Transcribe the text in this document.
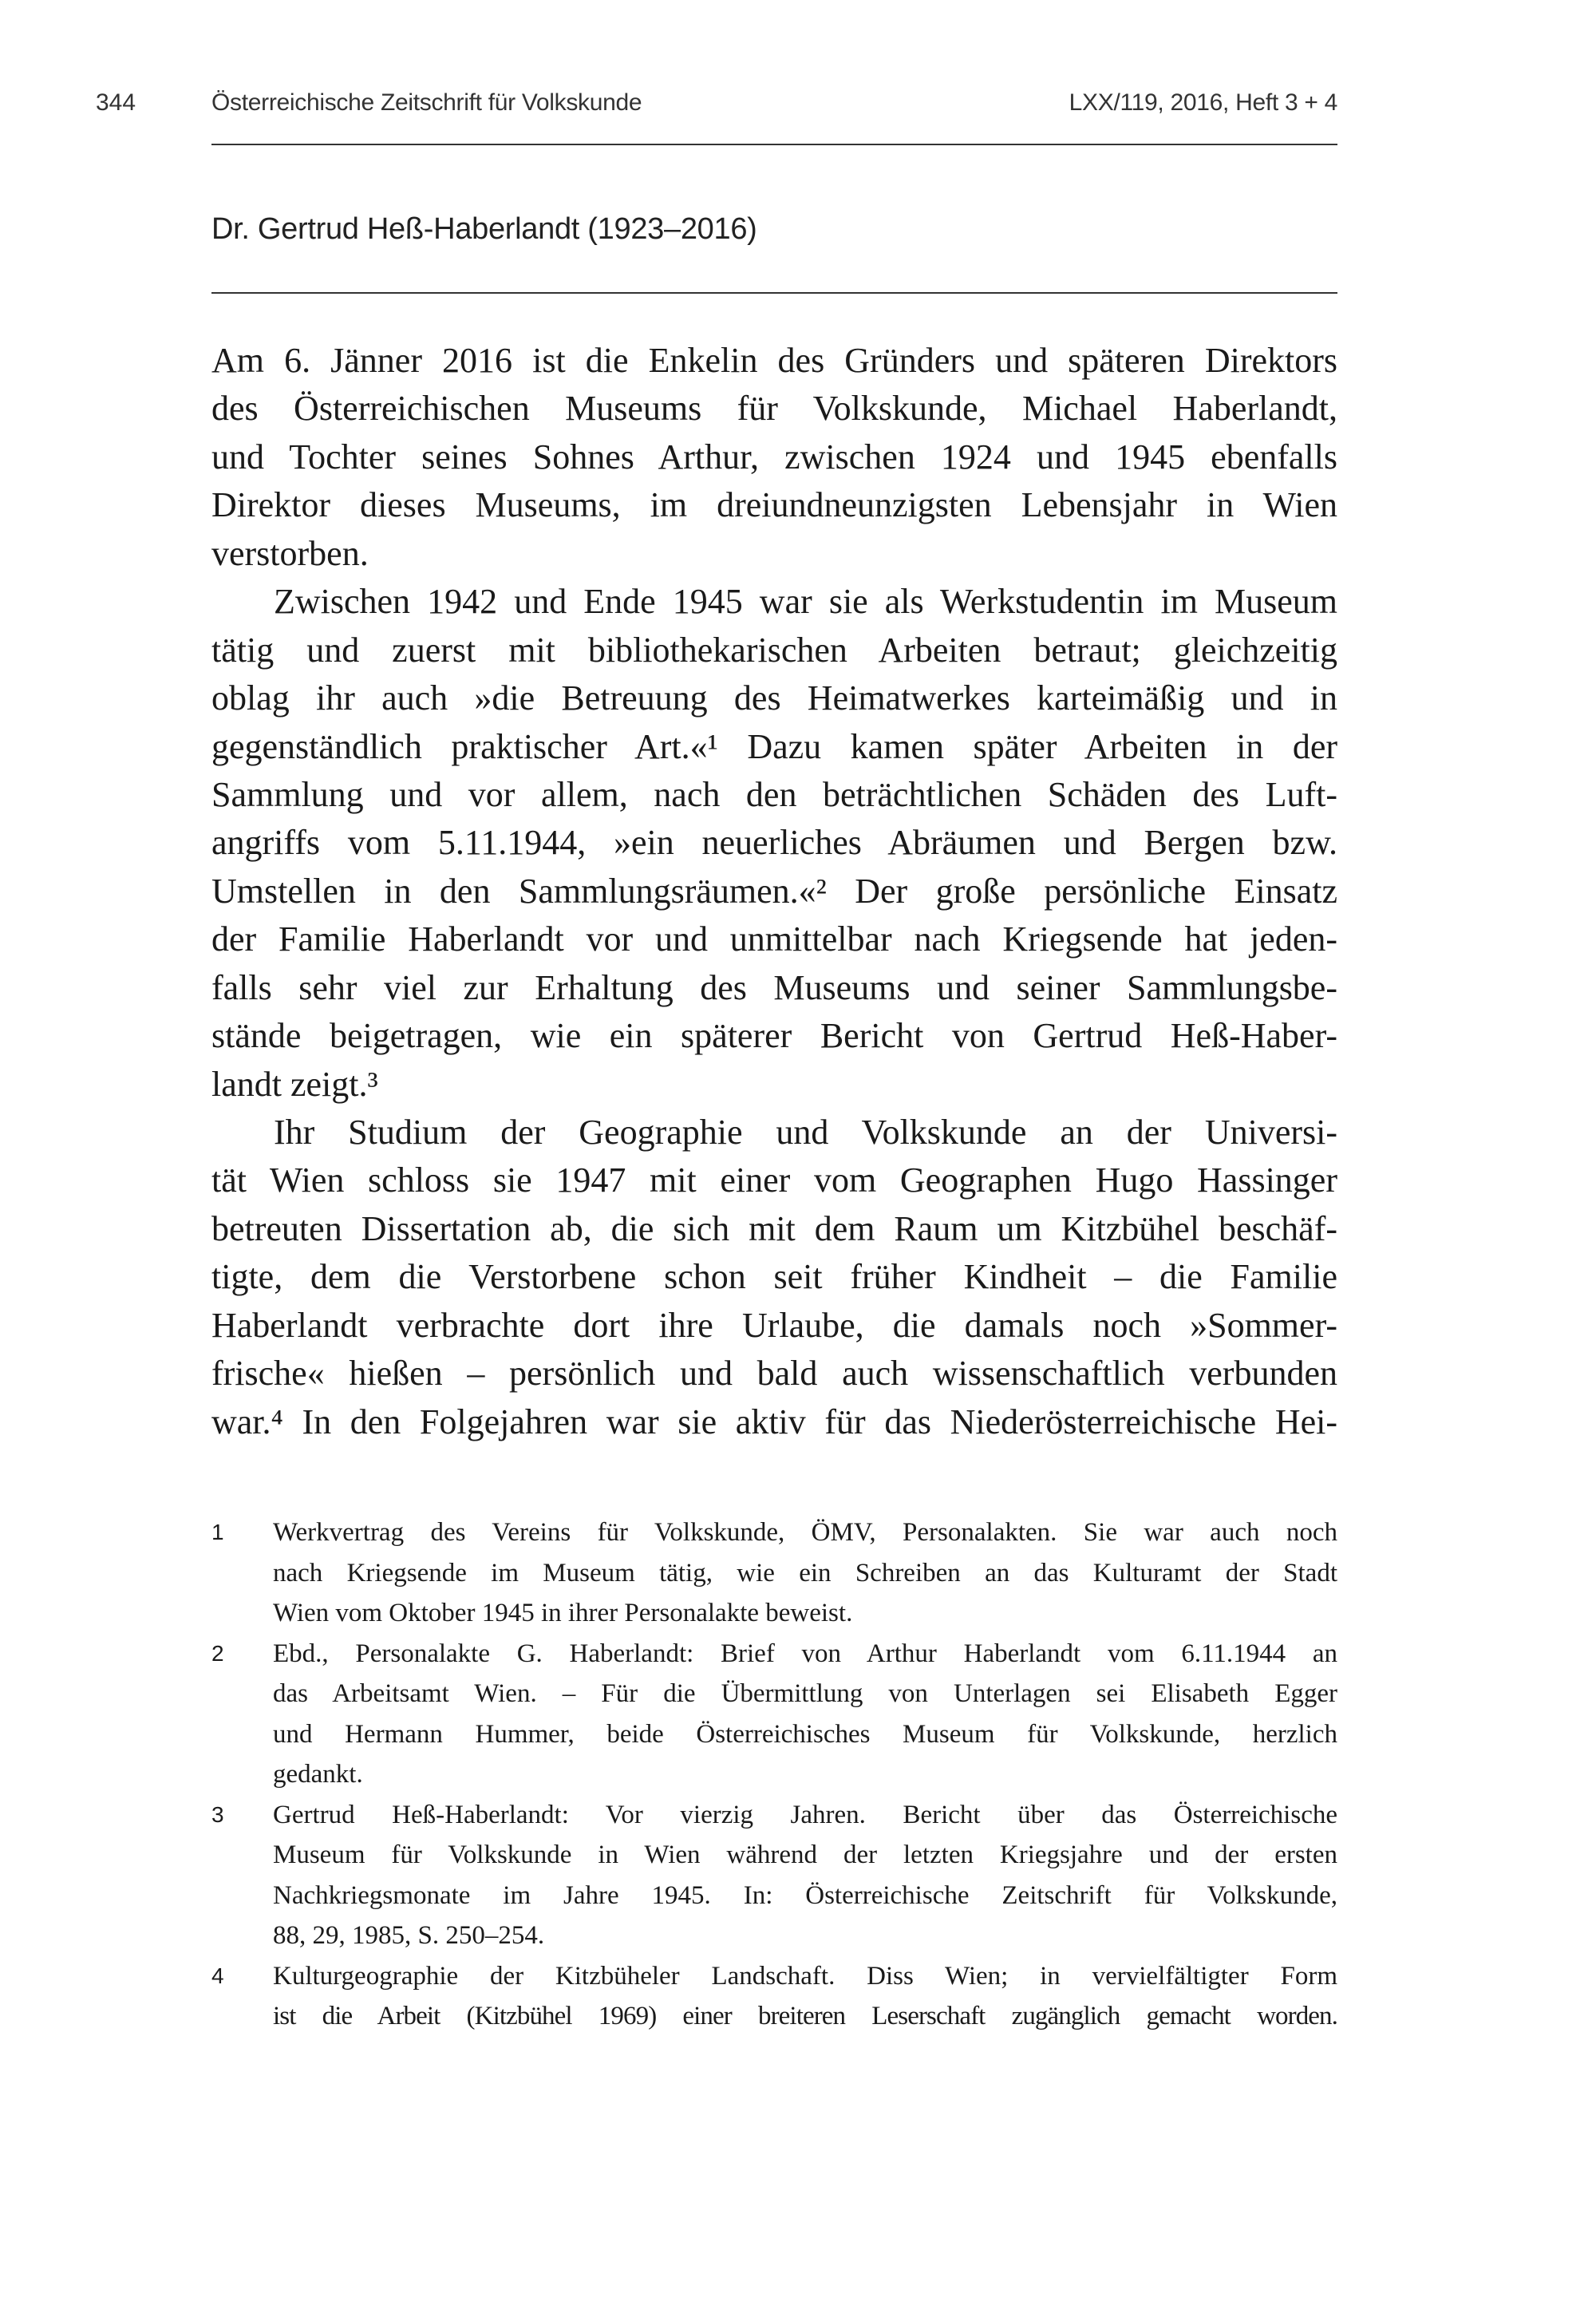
344	Österreichische Zeitschrift für Volkskunde	LXX/119, 2016, Heft 3 + 4
Dr. Gertrud Heß-Haberlandt (1923–2016)
Am 6. Jänner 2016 ist die Enkelin des Gründers und späteren Direktors
des Österreichischen Museums für Volkskunde, Michael Haberlandt,
und Tochter seines Sohnes Arthur, zwischen 1924 und 1945 ebenfalls
Direktor dieses Museums, im dreiundneunzigsten Lebensjahr in Wien
verstorben.
Zwischen 1942 und Ende 1945 war sie als Werkstudentin im Museum
tätig und zuerst mit bibliothekarischen Arbeiten betraut; gleichzeitig
oblag ihr auch »die Betreuung des Heimatwerkes karteimäßig und in
gegenständlich praktischer Art.«¹ Dazu kamen später Arbeiten in der
Sammlung und vor allem, nach den beträchtlichen Schäden des Luft-
angriffs vom 5.11.1944, »ein neuerliches Abräumen und Bergen bzw.
Umstellen in den Sammlungsräumen.«² Der große persönliche Einsatz
der Familie Haberlandt vor und unmittelbar nach Kriegsende hat jeden-
falls sehr viel zur Erhaltung des Museums und seiner Sammlungsbe-
stände beigetragen, wie ein späterer Bericht von Gertrud Heß-Haber-
landt zeigt.³
Ihr Studium der Geographie und Volkskunde an der Universi-
tät Wien schloss sie 1947 mit einer vom Geographen Hugo Hassinger
betreuten Dissertation ab, die sich mit dem Raum um Kitzbühel beschäf-
tigte, dem die Verstorbene schon seit früher Kindheit – die Familie
Haberlandt verbrachte dort ihre Urlaube, die damals noch »Sommer-
frische« hießen – persönlich und bald auch wissenschaftlich verbunden
war.⁴ In den Folgejahren war sie aktiv für das Niederösterreichische Hei-
1 Werkvertrag des Vereins für Volkskunde, ÖMV, Personalakten. Sie war auch noch
nach Kriegsende im Museum tätig, wie ein Schreiben an das Kulturamt der Stadt
Wien vom Oktober 1945 in ihrer Personalakte beweist.
2 Ebd., Personalakte G. Haberlandt: Brief von Arthur Haberlandt vom 6.11.1944 an
das Arbeitsamt Wien. – Für die Übermittlung von Unterlagen sei Elisabeth Egger
und Hermann Hummer, beide Österreichisches Museum für Volkskunde, herzlich
gedankt.
3 Gertrud Heß-Haberlandt: Vor vierzig Jahren. Bericht über das Österreichische
Museum für Volkskunde in Wien während der letzten Kriegsjahre und der ersten
Nachkriegsmonate im Jahre 1945. In: Österreichische Zeitschrift für Volkskunde,
88, 29, 1985, S. 250–254.
4 Kulturgeographie der Kitzbüheler Landschaft. Diss Wien; in vervielfältigter Form
ist die Arbeit (Kitzbühel 1969) einer breiteren Leserschaft zugänglich gemacht worden.
